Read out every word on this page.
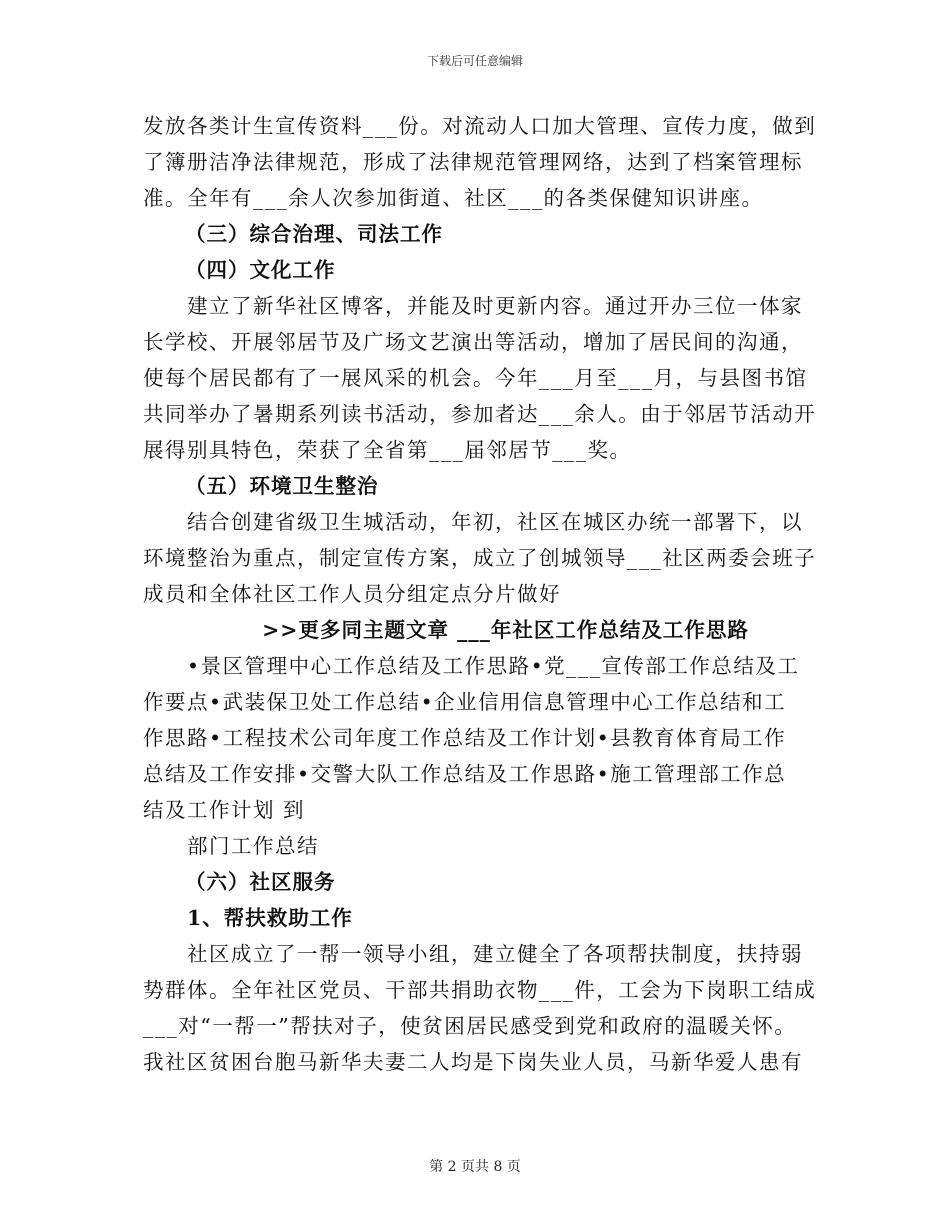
下载后可任意编辑
发放各类计生宣传资料___份。对流动人口加大管理、宣传力度，做到
了簿册洁净法律规范，形成了法律规范管理网络，达到了档案管理标
准。全年有___余人次参加街道、社区___的各类保健知识讲座。
（三）综合治理、司法工作
（四）文化工作
建立了新华社区博客，并能及时更新内容。通过开办三位一体家
长学校、开展邻居节及广场文艺演出等活动，增加了居民间的沟通，
使每个居民都有了一展风采的机会。今年___月至___月，与县图书馆
共同举办了暑期系列读书活动，参加者达___余人。由于邻居节活动开
展得别具特色，荣获了全省第___届邻居节___奖。
（五）环境卫生整治
结合创建省级卫生城活动，年初，社区在城区办统一部署下，以
环境整治为重点，制定宣传方案，成立了创城领导___社区两委会班子
成员和全体社区工作人员分组定点分片做好
>>更多同主题文章 ___年社区工作总结及工作思路
•景区管理中心工作总结及工作思路•党___宣传部工作总结及工
作要点•武装保卫处工作总结•企业信用信息管理中心工作总结和工
作思路•工程技术公司年度工作总结及工作计划•县教育体育局工作
总结及工作安排•交警大队工作总结及工作思路•施工管理部工作总
结及工作计划 到
部门工作总结
（六）社区服务
1、帮扶救助工作
社区成立了一帮一领导小组，建立健全了各项帮扶制度，扶持弱
势群体。全年社区党员、干部共捐助衣物___件，工会为下岗职工结成
___对“一帮一”帮扶对子，使贫困居民感受到党和政府的温暖关怀。
我社区贫困台胞马新华夫妻二人均是下岗失业人员，马新华爱人患有
第 2 页共 8 页
